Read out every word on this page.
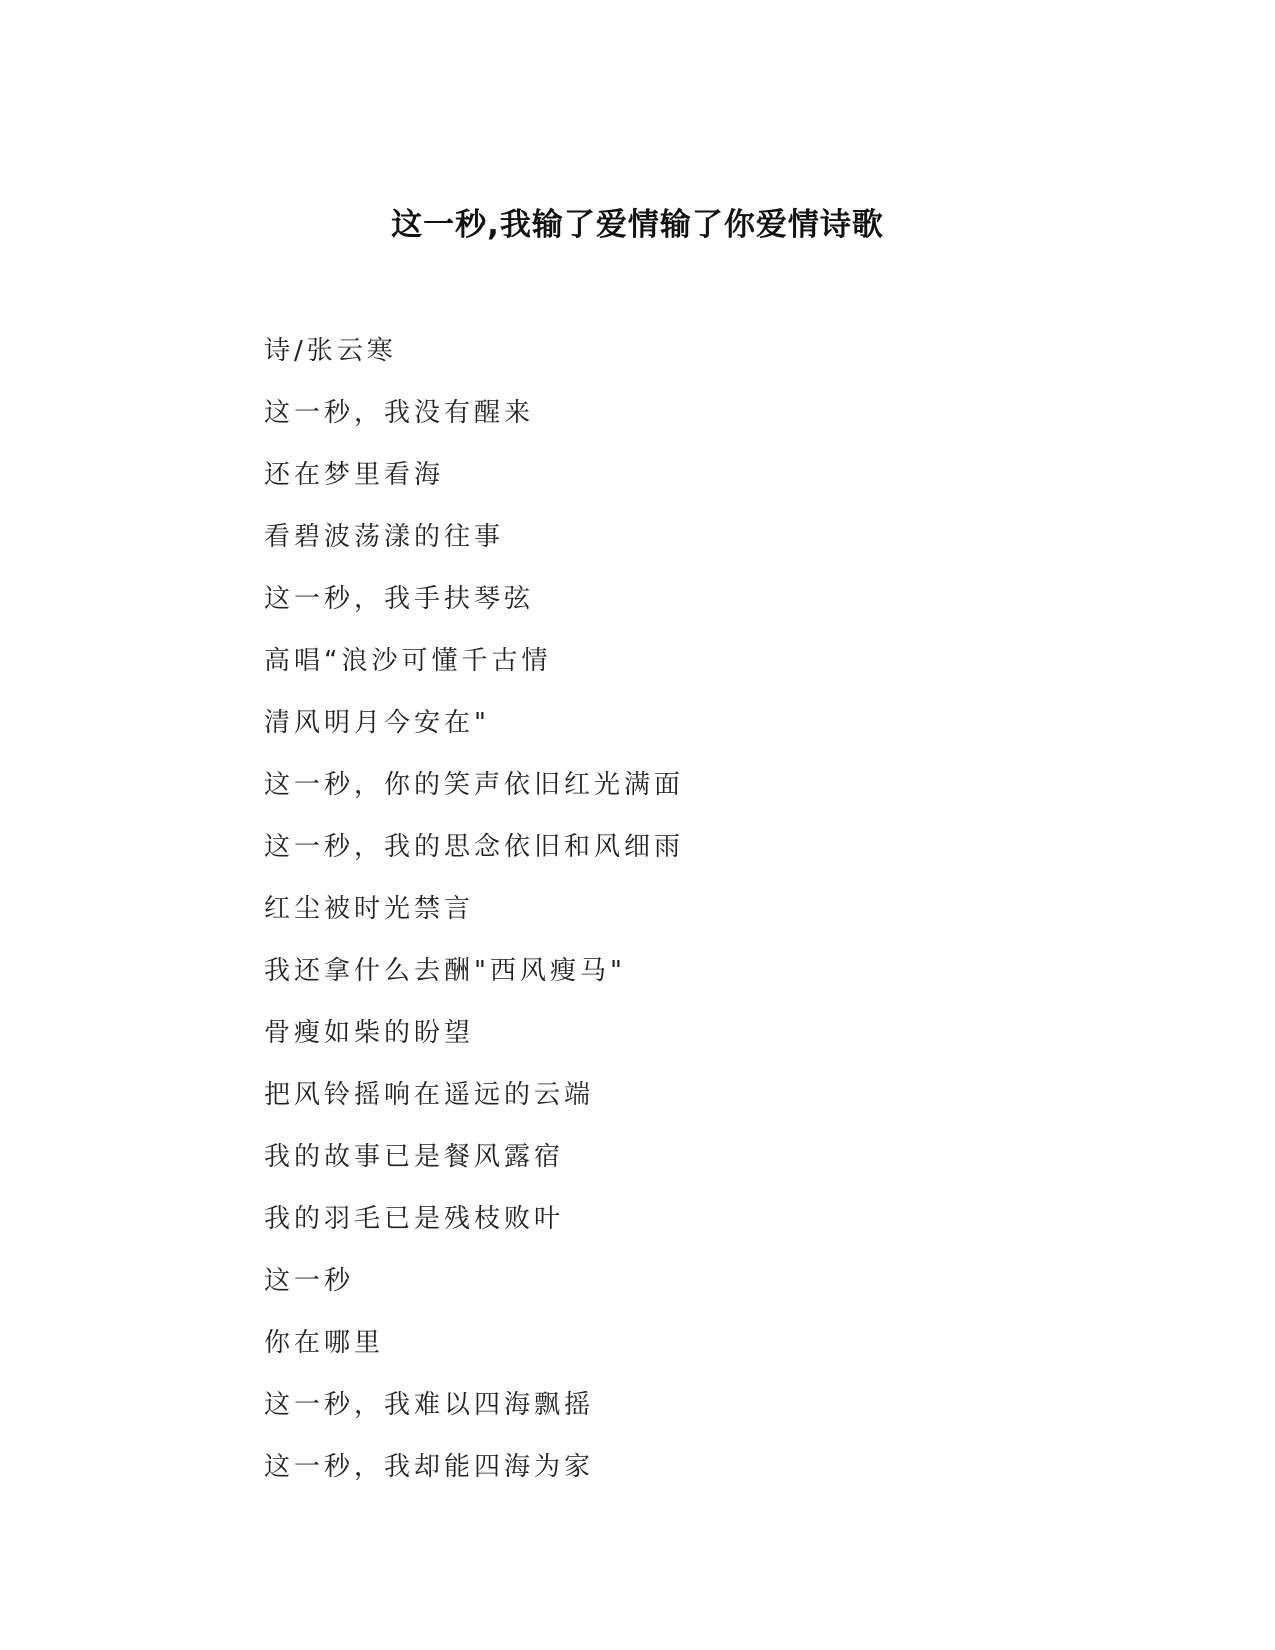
这一秒,我输了爱情输了你爱情诗歌
诗/张云寒
这一秒，我没有醒来
还在梦里看海
看碧波荡漾的往事
这一秒，我手扶琴弦
高唱“浪沙可懂千古情
清风明月今安在"
这一秒，你的笑声依旧红光满面
这一秒，我的思念依旧和风细雨
红尘被时光禁言
我还拿什么去酬"西风瘦马"
骨瘦如柴的盼望
把风铃摇响在遥远的云端
我的故事已是餐风露宿
我的羽毛已是残枝败叶
这一秒
你在哪里
这一秒，我难以四海飘摇
这一秒，我却能四海为家
